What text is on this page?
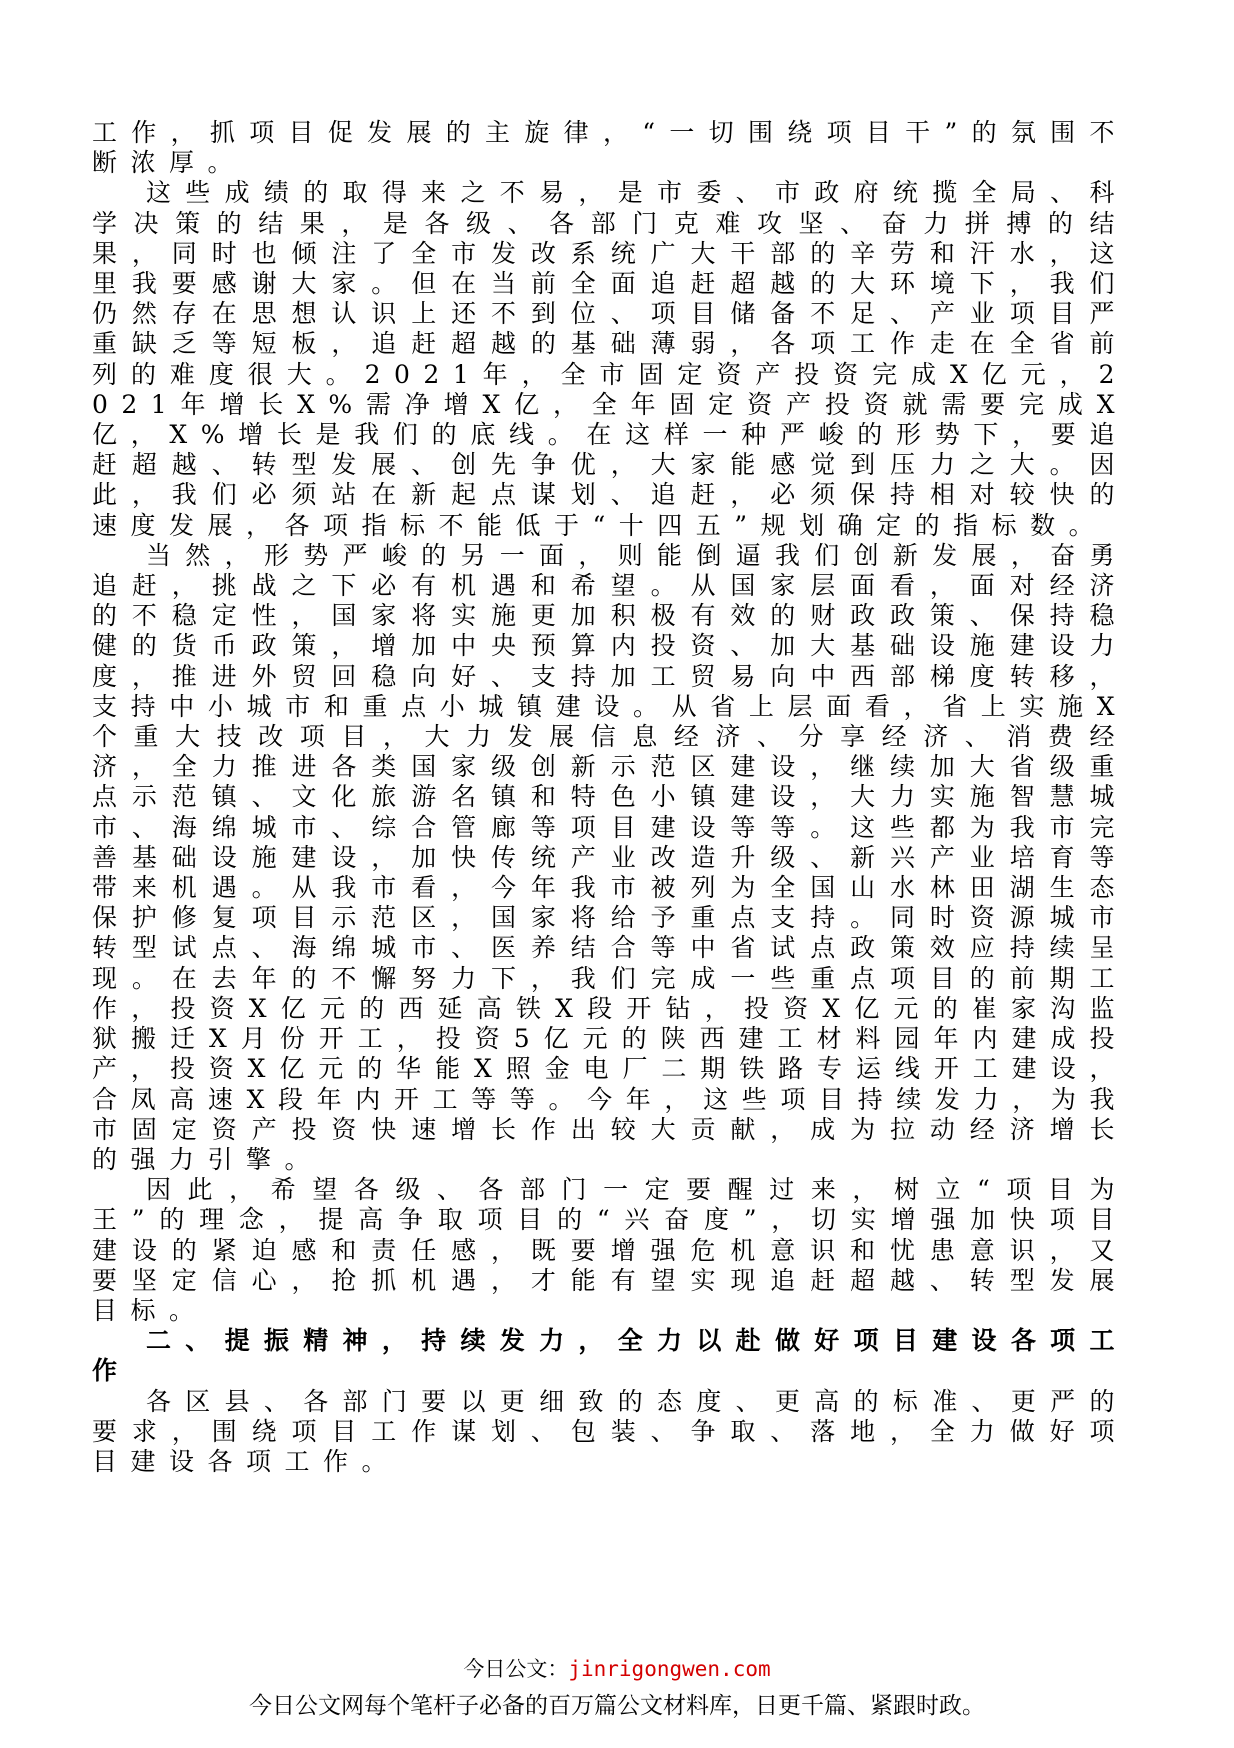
工作，抓项目促发展的主旋律，“一切围绕项目干”的氛围不断浓厚。

这些成绩的取得来之不易，是市委、市政府统揽全局、科学决策的结果，是各级、各部门克难攻坚、奋力拼搏的结果，同时也倾注了全市发改系统广大干部的辛劳和汗水，这里我要感谢大家。但在当前全面追赶超越的大环境下，我们仍然存在思想认识上还不到位、项目储备不足、产业项目严重缺乏等短板，追赶超越的基础薄弱，各项工作走在全省前列的难度很大。2021年，全市固定资产投资完成X亿元，2021年增长X%需净增X亿，全年固定资产投资就需要完成X亿，X%增长是我们的底线。在这样一种严峻的形势下，要追赶超越、转型发展、创先争优，大家能感觉到压力之大。因此，我们必须站在新起点谋划、追赶，必须保持相对较快的速度发展，各项指标不能低于“十四五”规划确定的指标数。

当然，形势严峻的另一面，则能倒逼我们创新发展，奋勇追赶，挑战之下必有机遇和希望。从国家层面看，面对经济的不稳定性，国家将实施更加积极有效的财政政策、保持稳健的货币政策，增加中央预算内投资、加大基础设施建设力度，推进外贸回稳向好、支持加工贸易向中西部梯度转移，支持中小城市和重点小城镇建设。从省上层面看，省上实施X个重大技改项目，大力发展信息经济、分享经济、消费经济，全力推进各类国家级创新示范区建设，继续加大省级重点示范镇、文化旅游名镇和特色小镇建设，大力实施智慧城市、海绵城市、综合管廊等项目建设等等。这些都为我市完善基础设施建设，加快传统产业改造升级、新兴产业培育等带来机遇。从我市看，今年我市被列为全国山水林田湖生态保护修复项目示范区，国家将给予重点支持。同时资源城市转型试点、海绵城市、医养结合等中省试点政策效应持续呈现。在去年的不懈努力下，我们完成一些重点项目的前期工作，投资X亿元的西延高铁X段开钻，投资X亿元的崔家沟监狱搬迁X月份开工，投资5亿元的陕西建工材料园年内建成投产，投资X亿元的华能X照金电厂二期铁路专运线开工建设，合凤高速X段年内开工等等。今年，这些项目持续发力，为我市固定资产投资快速增长作出较大贡献，成为拉动经济增长的强力引擎。

因此，希望各级、各部门一定要醒过来，树立“项目为王”的理念，提高争取项目的“兴奋度”，切实增强加快项目建设的紧迫感和责任感，既要增强危机意识和忧患意识，又要坚定信心，抢抓机遇，才能有望实现追赶超越、转型发展目标。

二、提振精神，持续发力，全力以赴做好项目建设各项工作

各区县、各部门要以更细致的态度、更高的标准、更严的要求，围绕项目工作谋划、包装、争取、落地，全力做好项目建设各项工作。

今日公文：jinrigongwen.com
今日公文网每个笔杆子必备的百万篇公文材料库，日更千篇、紧跟时政。
